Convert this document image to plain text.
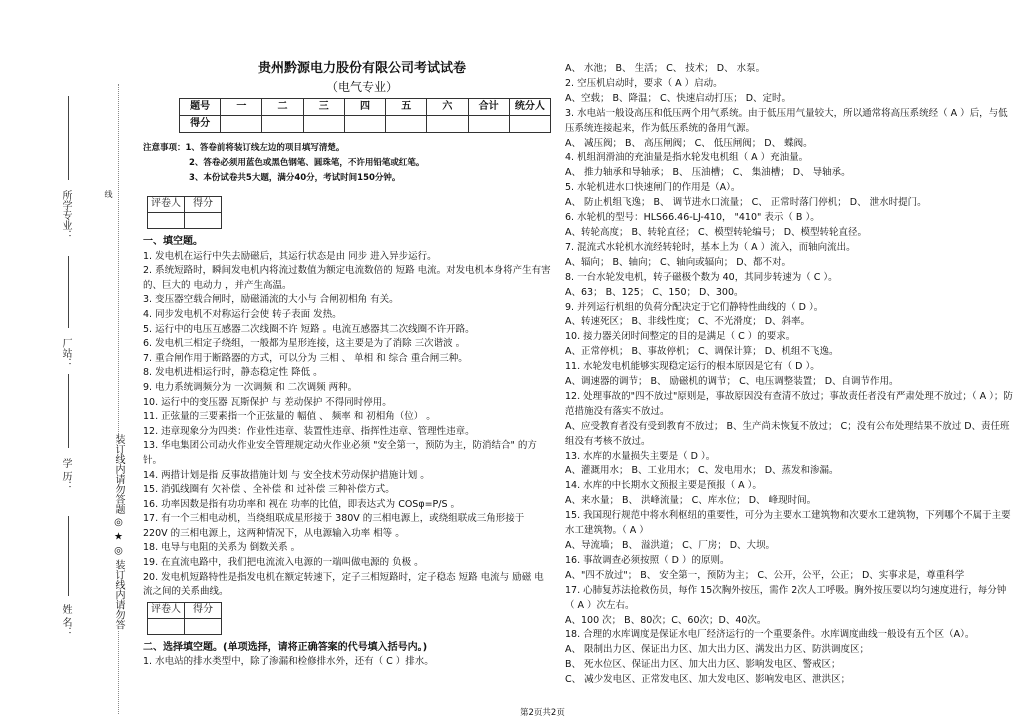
所学专业：
厂站：
学 历：
姓 名：
线
装订线内请勿答题 ◎ ★ ◎ 装订线内请勿答
贵州黔源电力股份有限公司考试试卷
（电气专业）
题号	一	二	三	四	五	六	合计	统分人
得分								
注意事项：1、答卷前将装订线左边的项目填写清楚。
2、答卷必须用蓝色或黑色钢笔、圆珠笔，不许用铅笔或红笔。
3、本份试卷共5大题，满分40分，考试时间150分钟。
评卷人	得分

一、填空题。
1. 发电机在运行中失去励磁后，其运行状态是由 同步 进入异步运行。
2. 系统短路时，瞬间发电机内将流过数值为额定电流数倍的 短路 电流。对发电机本身将产生有害的、巨大的 电动力 ，并产生高温。
3. 变压器空载合闸时，励磁涌流的大小与 合闸初相角 有关。
4. 同步发电机不对称运行会使 转子表面 发热。
5. 运行中的电压互感器二次线圈不许 短路 。电流互感器其二次线圈不许开路。
6. 发电机三相定子绕组，一般都为星形连接，这主要是为了消除 三次谐波 。
7. 重合闸作用于断路器的方式，可以分为 三相 、 单相 和 综合 重合闸三种。
8. 发电机进相运行时，静态稳定性 降低 。
9. 电力系统调频分为 一次调频 和 二次调频 两种。
10. 运行中的变压器 瓦斯保护 与 差动保护 不得同时停用。
11. 正弦量的三要素指一个正弦量的 幅值 、 频率 和 初相角（位） 。
12. 违章现象分为四类：作业性违章、装置性违章、指挥性违章、管理性违章。
13. 华电集团公司动火作业安全管理规定动火作业必须 "安全第一，预防为主，防消结合" 的方针。
14. 两措计划是指 反事故措施计划 与 安全技术劳动保护措施计划 。
15. 消弧线圈有 欠补偿 、全补偿 和 过补偿 三种补偿方式。
16. 功率因数是指有功功率和 视在 功率的比值，即表达式为 COSφ=P/S 。
17. 有一个三相电动机，当绕组联成星形接于 380V 的三相电源上，或绕组联成三角形接于 220V 的三相电源上，这两种情况下，从电源输入功率 相等 。
18. 电导与电阻的关系为 倒数关系 。
19. 在直流电路中，我们把电流流入电源的一端叫做电源的 负极 。
20. 发电机短路特性是指发电机在额定转速下，定子三相短路时，定子稳态 短路 电流与 励磁 电流之间的关系曲线。
评卷人	得分

二、选择填空题。(单项选择，请将正确答案的代号填入括号内。)
1. 水电站的排水类型中，除了渗漏和检修排水外，还有（ C ）排水。
A、 水池； B、 生活； C、 技术； D、 水泵。
2. 空压机启动时，要求（ A ）启动。
A、空载； B、降温； C、快速启动打压； D、定时。
3. 水电站一般设高压和低压两个用气系统。由于低压用气量较大，所以通常将高压系统经（ A ）后，与低压系统连接起来，作为低压系统的备用气源。
A、 减压阀； B、 高压闸阀； C、 低压闸阀； D、 蝶阀。
4. 机组润滑油的充油量是指水轮发电机组（ A ）充油量。
A、 推力轴承和导轴承； B、 压油槽； C、 集油槽； D、 导轴承。
5. 水轮机进水口快速闸门的作用是（A）。
A、 防止机组飞逸； B、 调节进水口流量； C、 正常时落门停机； D、 泄水时提门。
6. 水轮机的型号：HLS66.46-LJ-410， "410" 表示（ B ）。
A、转轮高度； B、转轮直径； C、模型转轮编号； D、模型转轮直径。
7. 混流式水轮机水流经转轮时，基本上为（ A ）流入，而轴向流出。
A、辐向； B、轴向； C、轴向或辐向； D、都不对。
8. 一台水轮发电机，转子磁极个数为 40，其同步转速为（ C ）。
A、63； B、125； C、150； D、300。
9. 并列运行机组的负荷分配决定于它们静特性曲线的（ D ）。
A、转速死区； B、非线性度； C、不光滑度； D、斜率。
10. 接力器关闭时间整定的目的是满足（ C ）的要求。
A、正常停机； B、事故停机； C、调保计算； D、机组不飞逸。
11. 水轮发电机能够实现稳定运行的根本原因是它有（ D ）。
A、调速器的调节； B、 励磁机的调节； C、电压调整装置； D、自调节作用。
12. 处理事故的"四不放过"原则是，事故原因没有查清不放过；事故责任者没有严肃处理不放过；（ A ）；防范措施没有落实不放过。
A、应受教育者没有受到教育不放过； B、生产尚未恢复不放过； C；没有公布处理结果不放过 D、责任班组没有考核不放过。
13. 水库的水量损失主要是（ D ）。
A、灌溉用水； B、工业用水； C、发电用水； D、蒸发和渗漏。
14. 水库的中长期水文预报主要是预报（ A ）。
A、来水量； B、 洪峰流量； C、库水位； D、 峰现时间。
15. 我国现行规范中将水利枢纽的重要性，可分为主要水工建筑物和次要水工建筑物，下列哪个不属于主要水工建筑物。（ A ）
A、导流墙； B、 溢洪道； C、厂房； D、大坝。
16. 事故调查必须按照（ D ）的原则。
A、"四不放过"； B、 安全第一，预防为主； C、公开，公平，公正； D、实事求是，尊重科学
17. 心肺复苏法抢救伤员，每作 15次胸外按压，需作 2次人工呼吸。胸外按压要以均匀速度进行，每分钟（ A ）次左右。
A、100 次； B、80次；C、60次；D、40次。
18. 合理的水库调度是保证水电厂经济运行的一个重要条件。水库调度曲线一般设有五个区（A）。
A、 限制出力区、保证出力区、加大出力区、满发出力区、防洪调度区；
B、 死水位区、保证出力区、加大出力区、影响发电区、警戒区；
C、 减少发电区、正常发电区、加大发电区、影响发电区、泄洪区；
第2页共2页
